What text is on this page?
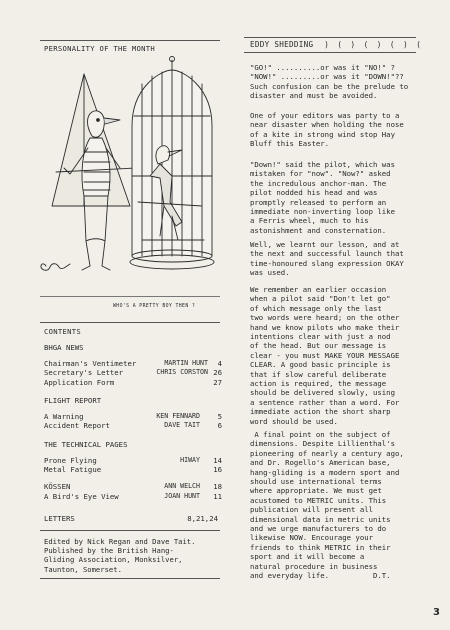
PERSONALITY OF THE MONTH
WHO'S A PRETTY BOY THEN ?
CONTENTS
BHGA NEWS
Chairman's Ventimeter	MARTIN HUNT 4
Secretary's Letter	CHRIS CORSTON 26
Application Form	27
FLIGHT REPORT
A Warning	KEN FENNARD 5
Accident Report	DAVE TAIT 6
THE TECHNICAL PAGES
Prone Flying	HIWAY 14
Metal Fatigue	16
KÖSSEN	ANN WELCH 18
A Bird's Eye View	JOAN HUNT 11
LETTERS	8,21,24
Edited by Nick Regan and Dave Tait.
Published by the British Hang-
Gliding Association, Monksilver,
Taunton, Somerset.
EDDY SHEDDING ) ( ) ( ) ( ) (
"GO!" ..........or was it "NO!" ?
"NOW!" .........or was it "DOWN!"??
Such confusion can be the prelude to
disaster and must be avoided.
One of your editors was party to a
near disaster when holding the nose
of a kite in strong wind stop Hay
Bluff this Easter.
"Down!" said the pilot, which was
mistaken for "now". "Now?" asked
the incredulous anchor-man. The
pilot nodded his head and was
promptly released to perform an
immediate non-inverting loop like
a Ferris wheel, much to his
astonishment and consternation.
Well, we learnt our lesson, and at
the next and successful launch that
time-honoured slang expression OKAY
was used.
We remember an earlier occasion
when a pilot said "Don't let go"
of which message only the last
two words were heard; on the other
hand we know pilots who make their
intentions clear with just a nod
of the head. But our message is
clear - you must MAKE YOUR MESSAGE
CLEAR. A good basic principle is
that if slow careful deliberate
action is required, the message
should be delivered slowly, using
a sentence rather than a word. For
immediate action the short sharp
word should be used.
A final point on the subject of
dimensions. Despite Lillienthal's
pioneering of nearly a century ago,
and Dr. Rogello's American base,
hang-gliding is a modern sport and
should use international terms
where appropriate. We must get
acustomed to METRIC units. This
publication will present all
dimensional data in metric units
and we urge manufacturers to do
likewise NOW. Encourage your
friends to think METRIC in their
sport and it will become a
natural procedure in business
and everyday life.          D.T.
3
